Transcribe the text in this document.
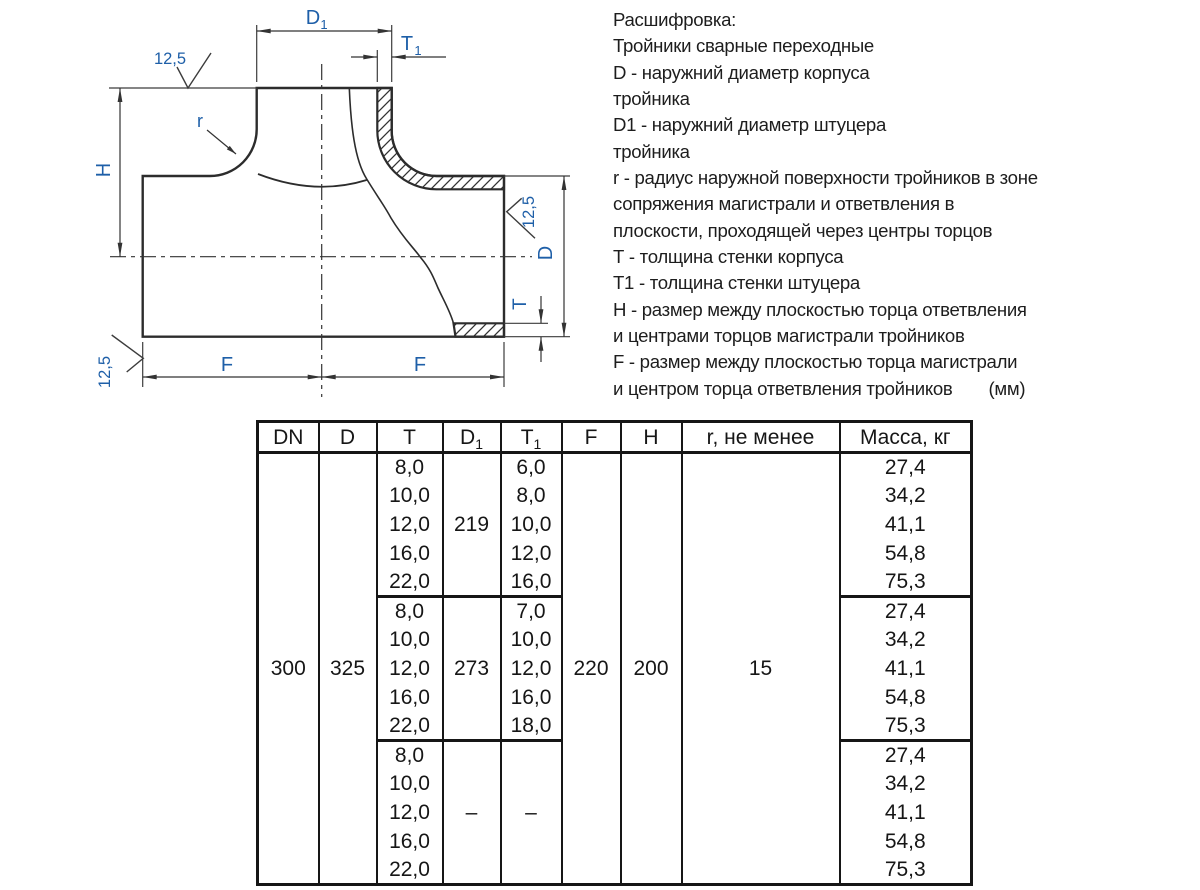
D 1
T 1
H
D
T
F	F
r
12,5
12,5
12,5
Расшифровка:
Тройники сварные переходные
D - наружний диаметр корпуса
тройника
D1 - наружний диаметр штуцера
тройника
r - радиус наружной поверхности тройников в зоне
сопряжения магистрали и ответвления в
плоскости, проходящей через центры торцов
Т - толщина стенки корпуса
Т1 - толщина стенки штуцера
Н - размер между плоскостью торца ответвления
и центрами торцов магистрали тройников
F - размер между плоскостью торца магистрали
и центром торца ответвления тройников (мм)
DN	D	T	$D_1$	$T_1$	F	H	r, не менее	Масса, кг
300	325	8,0	219	6,0	220	200	15	27,4
		10,0		8,0				34,2
		12,0		10,0				41,1
		16,0		12,0				54,8
		22,0		16,0				75,3
		8,0	273	7,0				27,4
		10,0		10,0				34,2
		12,0		12,0				41,1
		16,0		16,0				54,8
		22,0		18,0				75,3
		8,0	–	–				27,4
		10,0						34,2
		12,0						41,1
		16,0						54,8
		22,0						75,3
